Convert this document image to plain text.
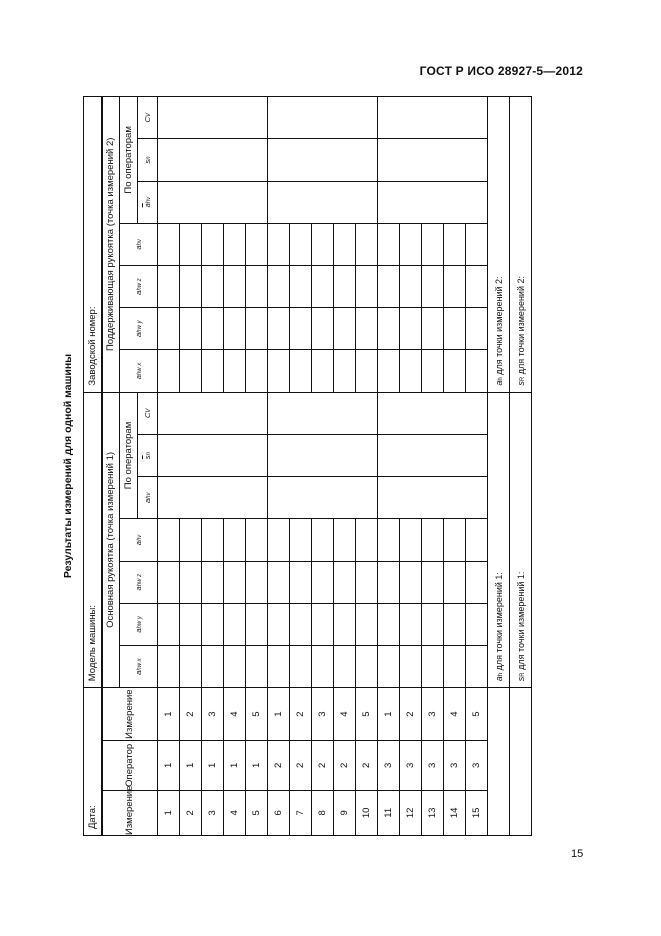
ГОСТ Р ИСО 28927-5—2012
Результаты измерений для одной машины
Дата:			Модель машины:							Заводской номер:						
Измерение	Оператор	Измерение	Основная рукоятка (точка измерений 1)							Поддерживающая рукоятка (точка измерений 2)						
			ahw x	ahw y	ahw z	ahv	По операторам			ahw x	ahw y	ahw z	ahv	По операторам		
							ahv	$\overline{s}n$	CV					$\overline{a}hv$	sn	CV
1	1	1														
2	1	2														
3	1	3														
4	1	4														
5	1	5														
6	2	1														
7	2	2														
8	2	3														
9	2	4														
10	2	5														
11	3	1														
12	3	2														
13	3	3														
14	3	4														
15	3	5														
			ah для точки измерений 1:							ah для точки измерений 2:						
			sR для точки измерений 1:							sR для точки измерений 2:						
15
